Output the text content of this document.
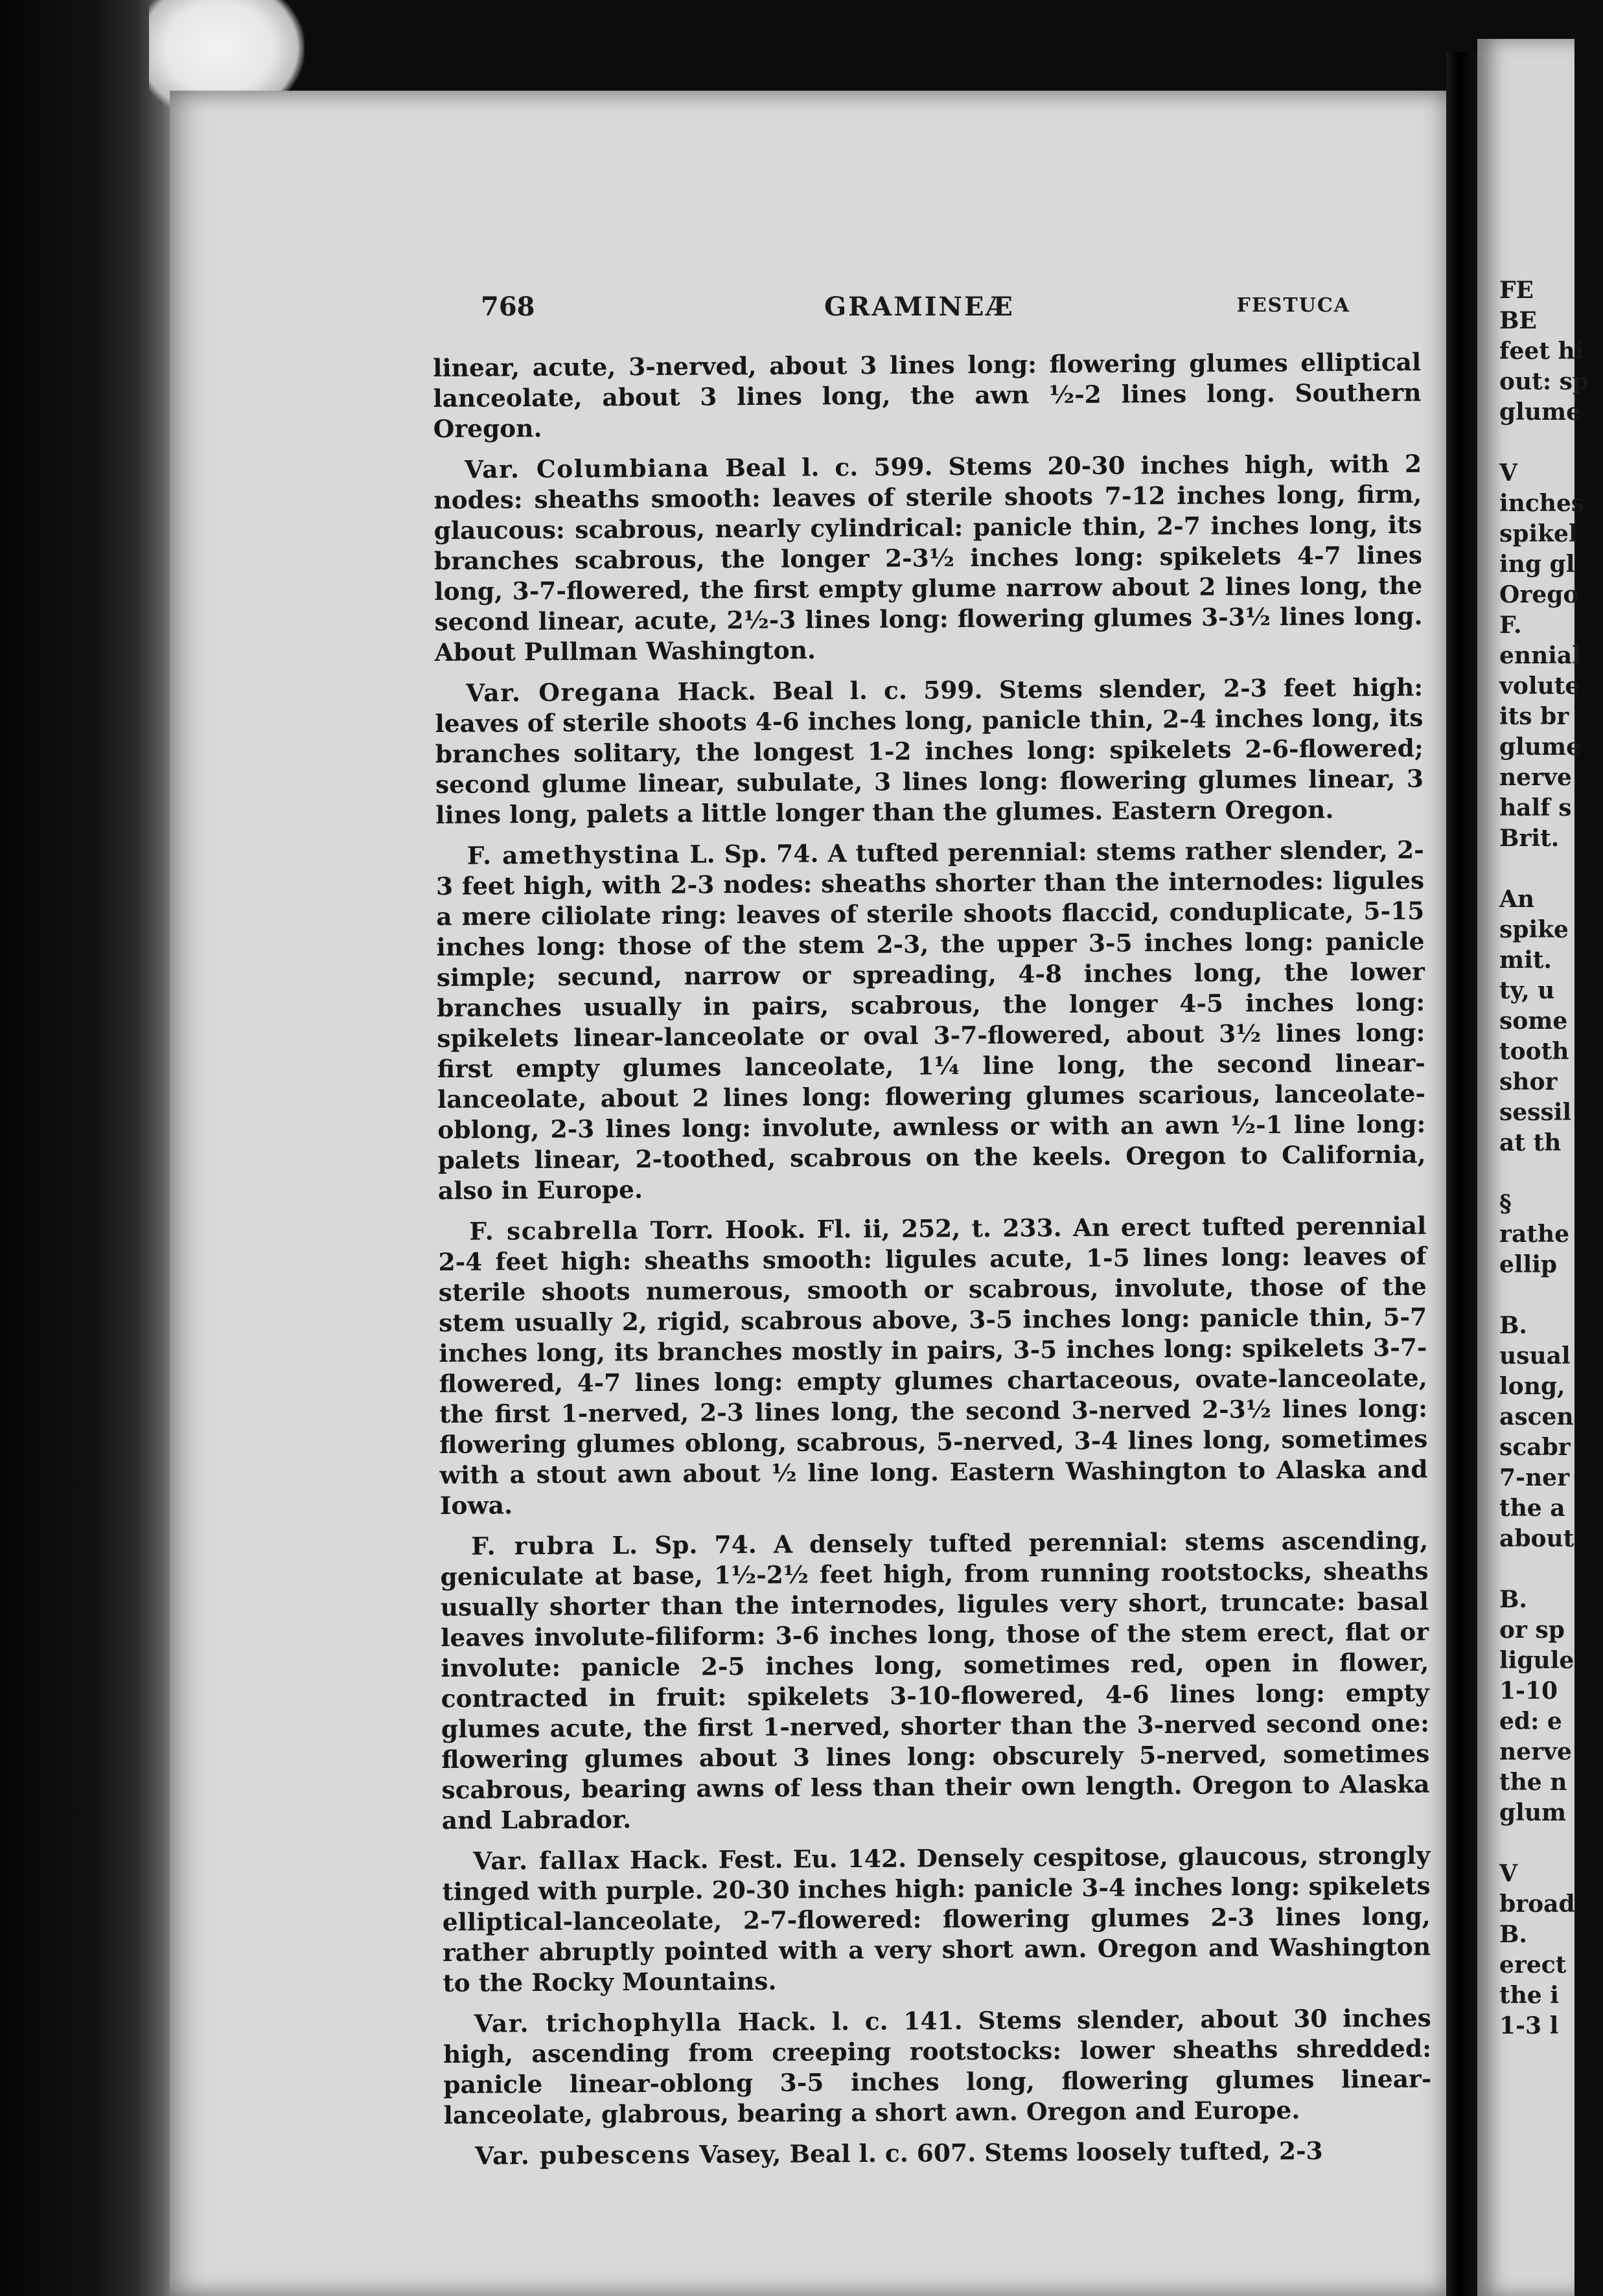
768	GRAMINEÆ	FESTUCA

linear, acute, 3-nerved, about 3 lines long: flowering glumes elliptical lanceolate, about 3 lines long, the awn ½-2 lines long. Southern Oregon.

Var. Columbiana Beal l. c. 599. Stems 20-30 inches high, with 2 nodes: sheaths smooth: leaves of sterile shoots 7-12 inches long, firm, glaucous: scabrous, nearly cylindrical: panicle thin, 2-7 inches long, its branches scabrous, the longer 2-3½ inches long: spikelets 4-7 lines long, 3-7-flowered, the first empty glume narrow about 2 lines long, the second linear, acute, 2½-3 lines long: flowering glumes 3-3½ lines long. About Pullman Washington.

Var. Oregana Hack. Beal l. c. 599. Stems slender, 2-3 feet high: leaves of sterile shoots 4-6 inches long, panicle thin, 2-4 inches long, its branches solitary, the longest 1-2 inches long: spikelets 2-6-flowered; second glume linear, subulate, 3 lines long: flowering glumes linear, 3 lines long, palets a little longer than the glumes. Eastern Oregon.

F. amethystina L. Sp. 74. A tufted perennial: stems rather slender, 2-3 feet high, with 2-3 nodes: sheaths shorter than the internodes: ligules a mere ciliolate ring: leaves of sterile shoots flaccid, conduplicate, 5-15 inches long: those of the stem 2-3, the upper 3-5 inches long: panicle simple; secund, narrow or spreading, 4-8 inches long, the lower branches usually in pairs, scabrous, the longer 4-5 inches long: spikelets linear-lanceolate or oval 3-7-flowered, about 3½ lines long: first empty glumes lanceolate, 1¼ line long, the second linear-lanceolate, about 2 lines long: flowering glumes scarious, lanceolate-oblong, 2-3 lines long: involute, awnless or with an awn ½-1 line long: palets linear, 2-toothed, scabrous on the keels. Oregon to California, also in Europe.

F. scabrella Torr. Hook. Fl. ii, 252, t. 233. An erect tufted perennial 2-4 feet high: sheaths smooth: ligules acute, 1-5 lines long: leaves of sterile shoots numerous, smooth or scabrous, involute, those of the stem usually 2, rigid, scabrous above, 3-5 inches long: panicle thin, 5-7 inches long, its branches mostly in pairs, 3-5 inches long: spikelets 3-7-flowered, 4-7 lines long: empty glumes chartaceous, ovate-lanceolate, the first 1-nerved, 2-3 lines long, the second 3-nerved 2-3½ lines long: flowering glumes oblong, scabrous, 5-nerved, 3-4 lines long, sometimes with a stout awn about ½ line long. Eastern Washington to Alaska and Iowa.

F. rubra L. Sp. 74. A densely tufted perennial: stems ascending, geniculate at base, 1½-2½ feet high, from running rootstocks, sheaths usually shorter than the internodes, ligules very short, truncate: basal leaves involute-filiform: 3-6 inches long, those of the stem erect, flat or involute: panicle 2-5 inches long, sometimes red, open in flower, contracted in fruit: spikelets 3-10-flowered, 4-6 lines long: empty glumes acute, the first 1-nerved, shorter than the 3-nerved second one: flowering glumes about 3 lines long: obscurely 5-nerved, sometimes scabrous, bearing awns of less than their own length. Oregon to Alaska and Labrador.

Var. fallax Hack. Fest. Eu. 142. Densely cespitose, glaucous, strongly tinged with purple. 20-30 inches high: panicle 3-4 inches long: spikelets elliptical-lanceolate, 2-7-flowered: flowering glumes 2-3 lines long, rather abruptly pointed with a very short awn. Oregon and Washington to the Rocky Mountains.

Var. trichophylla Hack. l. c. 141. Stems slender, about 30 inches high, ascending from creeping rootstocks: lower sheaths shredded: panicle linear-oblong 3-5 inches long, flowering glumes linear-lanceolate, glabrous, bearing a short awn. Oregon and Europe.

Var. pubescens Vasey, Beal l. c. 607. Stems loosely tufted, 2-3

FE
BE
feet hi
out: sp
glume

V
inches
spikel
ing gl
Orego
F.
ennial
volute
its br
glume
nerve
half s
Brit.

An
spike
mit.
ty, u
some
tooth
shor
sessil
at th

§
rathe
ellip

B.
usual
long,
ascen
scabr
7-ner
the a
about

B.
or sp
ligule
1-10
ed: e
nerve
the n
glum

V
broad
B.
erect
the i
1-3 l
